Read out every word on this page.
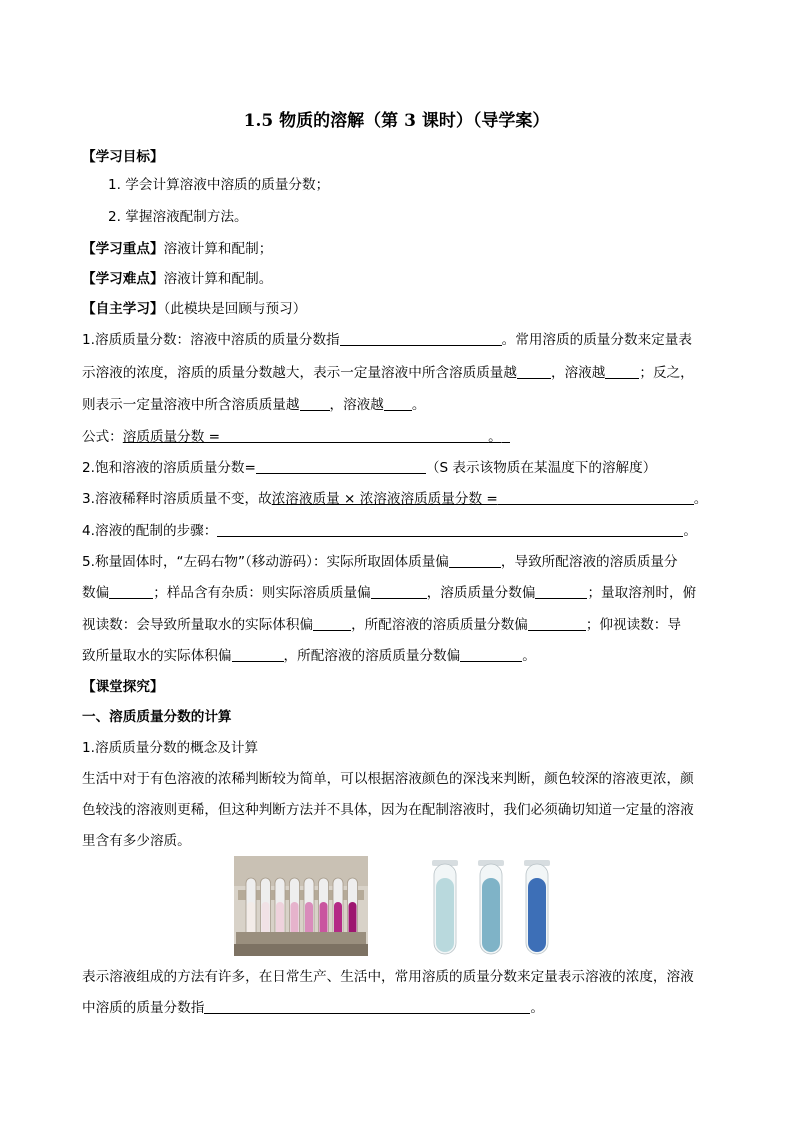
1.5 物质的溶解（第 3 课时）（导学案）
【学习目标】
1. 学会计算溶液中溶质的质量分数；
2. 掌握溶液配制方法。
【学习重点】溶液计算和配制；
【学习难点】溶液计算和配制。
【自主学习】（此模块是回顾与预习）
1.溶质质量分数：溶液中溶质的质量分数指	。常用溶质的质量分数来定量表
示溶液的浓度，溶质的质量分数越大，表示一定量溶液中所含溶质质量越	，溶液越	；反之，
则表示一定量溶液中所含溶质质量越 ，溶液越 。
公式：溶质质量分数 =	。
2.饱和溶液的溶质质量分数=	（S 表示该物质在某温度下的溶解度）
3.溶液稀释时溶质质量不变，故浓溶液质量 × 浓溶液溶质质量分数 =	。
4.溶液的配制的步骤：	。
5.称量固体时，“左码右物”（移动游码）：实际所取固体质量偏	，导致所配溶液的溶质质量分
数偏	；样品含有杂质：则实际溶质质量偏	，溶质质量分数偏	；量取溶剂时，俯
视读数：会导致所量取水的实际体积偏	，所配溶液的溶质质量分数偏	；仰视读数：导
致所量取水的实际体积偏	，所配溶液的溶质质量分数偏	。
【课堂探究】
一、溶质质量分数的计算
1.溶质质量分数的概念及计算
生活中对于有色溶液的浓稀判断较为简单，可以根据溶液颜色的深浅来判断，颜色较深的溶液更浓，颜
色较浅的溶液则更稀，但这种判断方法并不具体，因为在配制溶液时，我们必须确切知道一定量的溶液
里含有多少溶质。
表示溶液组成的方法有许多，在日常生产、生活中，常用溶质的质量分数来定量表示溶液的浓度，溶液
中溶质的质量分数指	。
